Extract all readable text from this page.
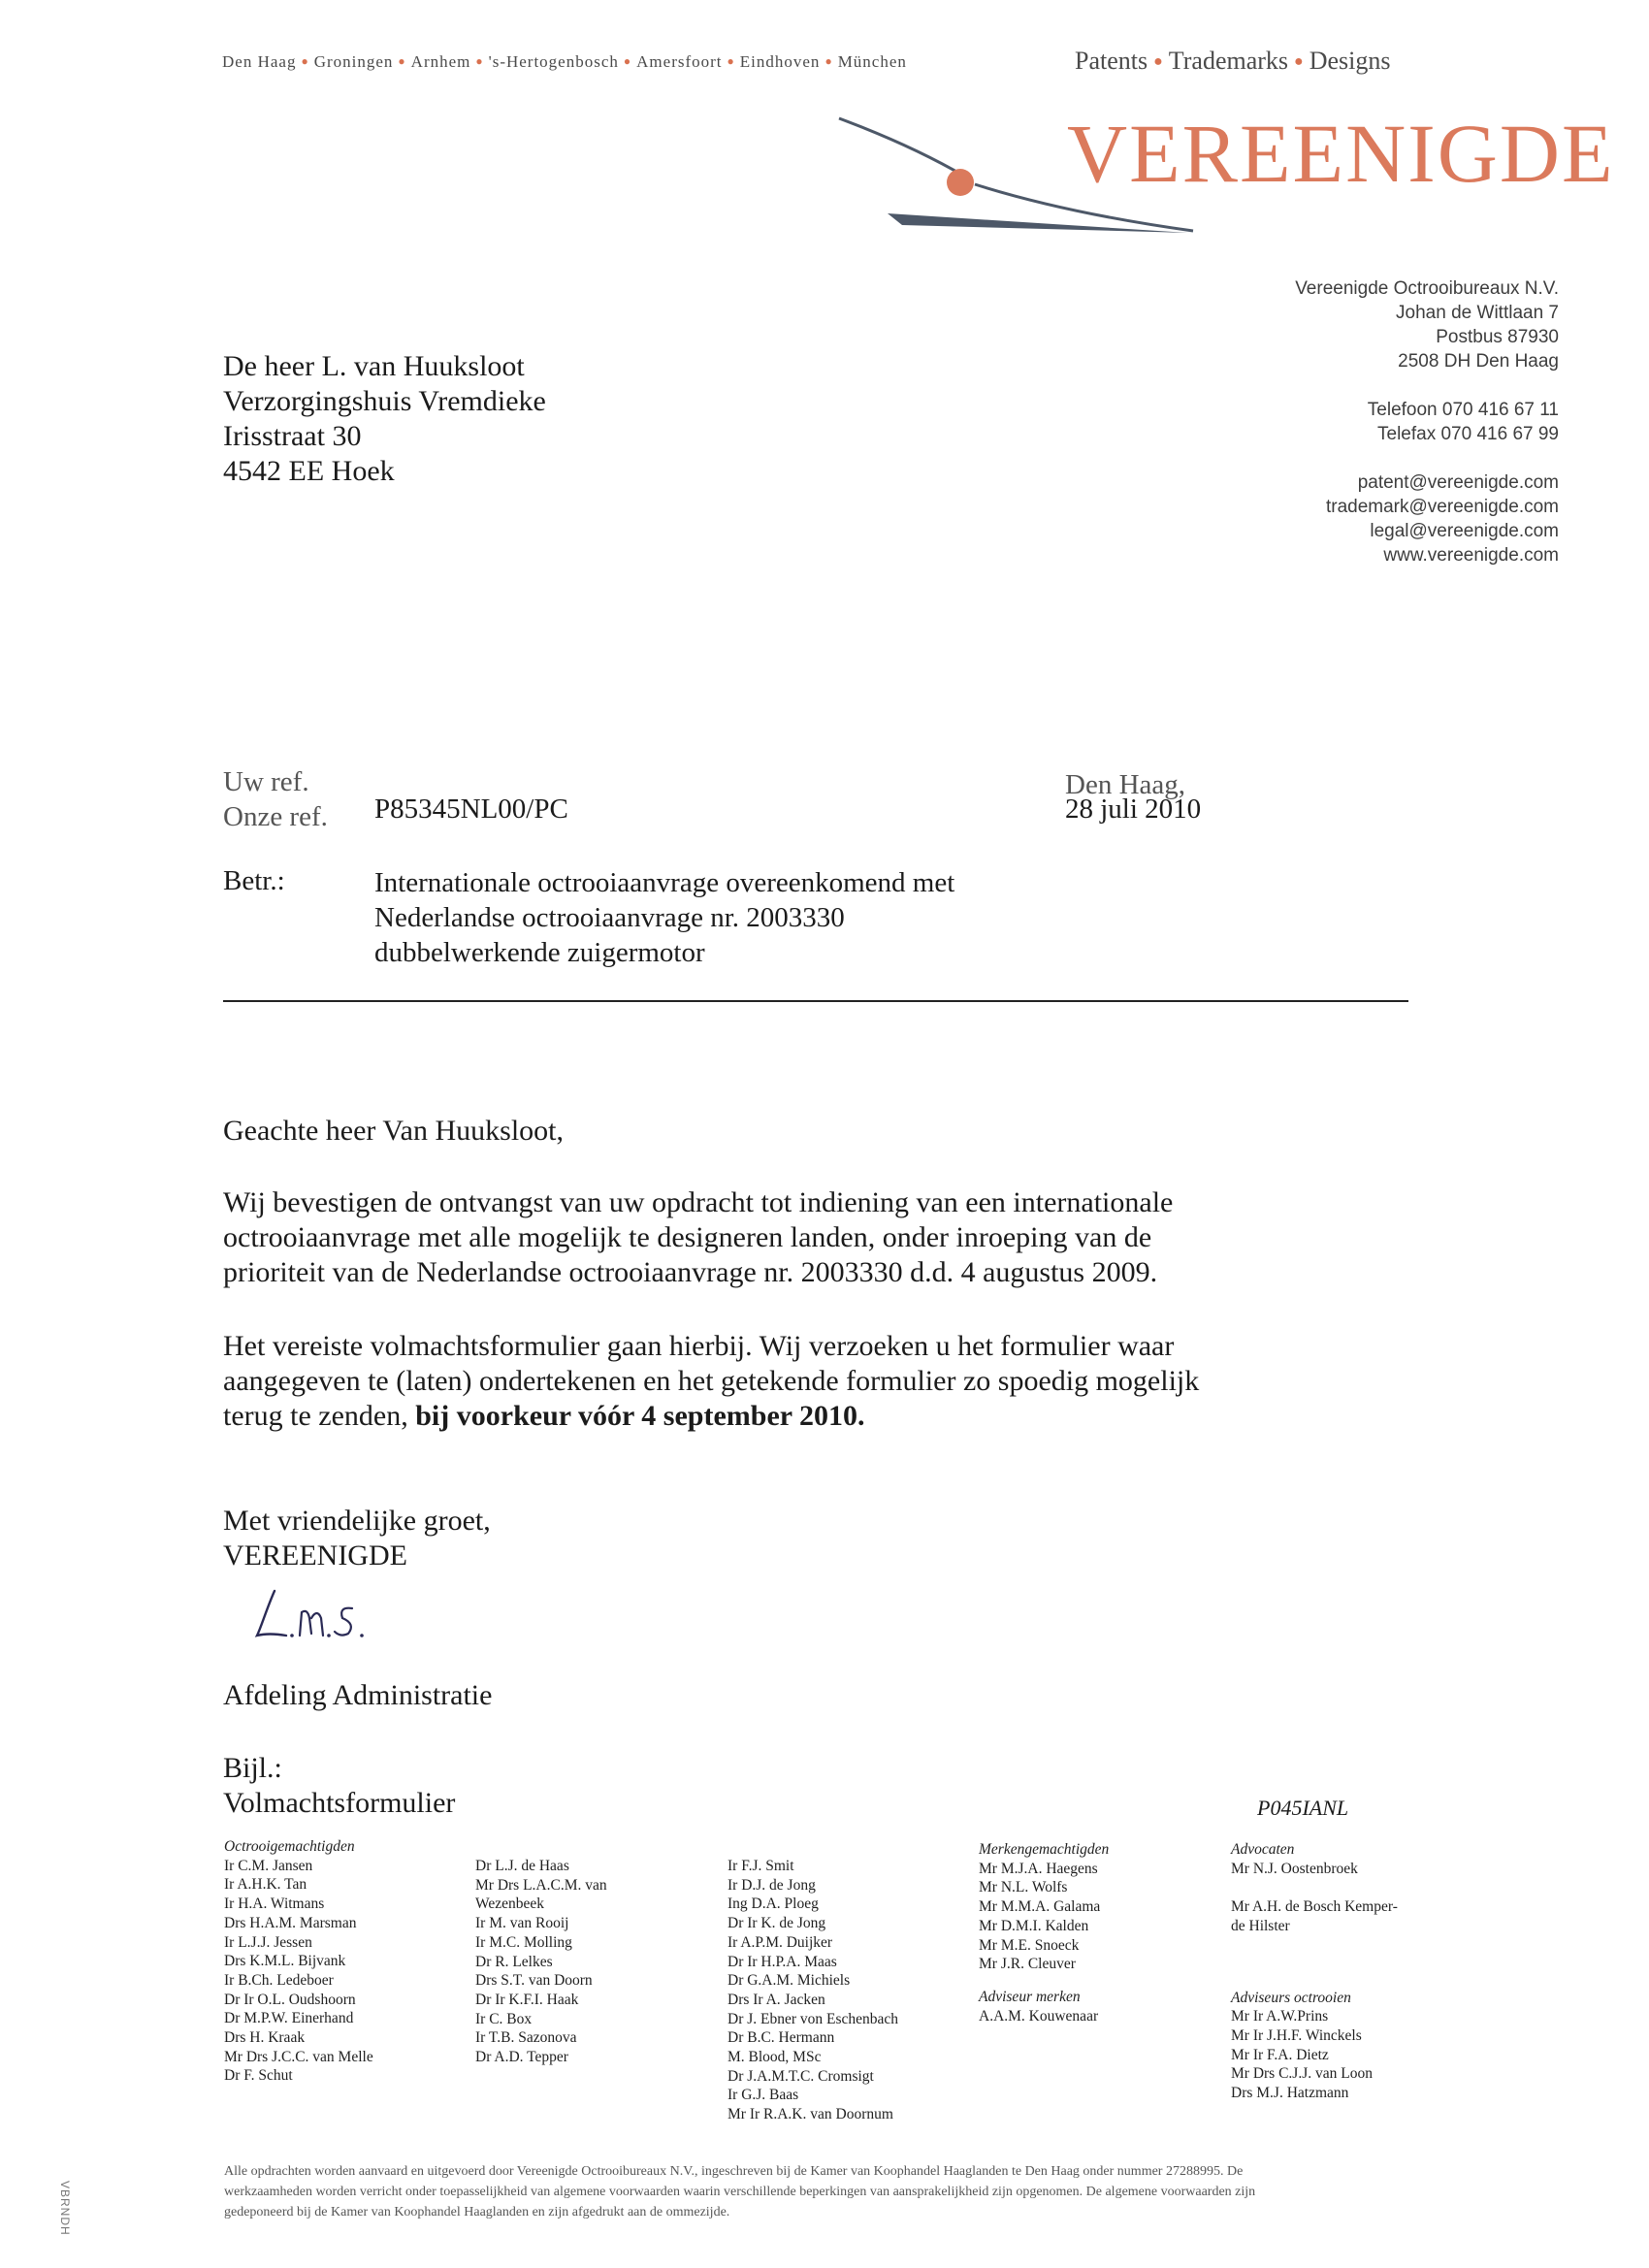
Den Haag ● Groningen ● Arnhem ● 's-Hertogenbosch ● Amersfoort ● Eindhoven ● München	Patents ● Trademarks ● Designs
VEREENIGDE
Vereenigde Octrooibureaux N.V.
Johan de Wittlaan 7
Postbus 87930
2508 DH Den Haag
Telefoon 070 416 67 11
Telefax 070 416 67 99
patent@vereenigde.com
trademark@vereenigde.com
legal@vereenigde.com
www.vereenigde.com
De heer L. van Huuksloot
Verzorgingshuis Vremdieke
Irisstraat 30
4542 EE Hoek
Uw ref.
Onze ref. P85345NL00/PC
Den Haag,
28 juli 2010
Betr.:	Internationale octrooiaanvrage overeenkomend met
Nederlandse octrooiaanvrage nr. 2003330
dubbelwerkende zuigermotor
Geachte heer Van Huuksloot,
Wij bevestigen de ontvangst van uw opdracht tot indiening van een internationale
octrooiaanvrage met alle mogelijk te designeren landen, onder inroeping van de
prioriteit van de Nederlandse octrooiaanvrage nr. 2003330 d.d. 4 augustus 2009.
Het vereiste volmachtsformulier gaan hierbij. Wij verzoeken u het formulier waar
aangegeven te (laten) ondertekenen en het getekende formulier zo spoedig mogelijk
terug te zenden, bij voorkeur vóór 4 september 2010.
Met vriendelijke groet,
VEREENIGDE
Afdeling Administratie
Bijl.:
Volmachtsformulier	P045IANL
Octrooigemachtigden
Ir C.M. Jansen
Ir A.H.K. Tan
Ir H.A. Witmans
Drs H.A.M. Marsman
Ir L.J.J. Jessen
Drs K.M.L. Bijvank
Ir B.Ch. Ledeboer
Dr Ir O.L. Oudshoorn
Dr M.P.W. Einerhand
Drs H. Kraak
Mr Drs J.C.C. van Melle
Dr F. Schut
Dr L.J. de Haas
Mr Drs L.A.C.M. van
Wezenbeek
Ir M. van Rooij
Ir M.C. Molling
Dr R. Lelkes
Drs S.T. van Doorn
Dr Ir K.F.I. Haak
Ir C. Box
Ir T.B. Sazonova
Dr A.D. Tepper
Ir F.J. Smit
Ir D.J. de Jong
Ing D.A. Ploeg
Dr Ir K. de Jong
Ir A.P.M. Duijker
Dr Ir H.P.A. Maas
Dr G.A.M. Michiels
Drs Ir A. Jacken
Dr J. Ebner von Eschenbach
Dr B.C. Hermann
M. Blood, MSc
Dr J.A.M.T.C. Cromsigt
Ir G.J. Baas
Mr Ir R.A.K. van Doornum
Merkengemachtigden
Mr M.J.A. Haegens
Mr N.L. Wolfs
Mr M.M.A. Galama
Mr D.M.I. Kalden
Mr M.E. Snoeck
Mr J.R. Cleuver
Adviseur merken
A.A.M. Kouwenaar
Advocaten
Mr N.J. Oostenbroek
Mr A.H. de Bosch Kemper-
de Hilster
Adviseurs octrooien
Mr Ir A.W.Prins
Mr Ir J.H.F. Winckels
Mr Ir F.A. Dietz
Mr Drs C.J.J. van Loon
Drs M.J. Hatzmann
Alle opdrachten worden aanvaard en uitgevoerd door Vereenigde Octrooibureaux N.V., ingeschreven bij de Kamer van Koophandel Haaglanden te Den Haag onder nummer 27288995. De
werkzaamheden worden verricht onder toepasselijkheid van algemene voorwaarden waarin verschillende beperkingen van aansprakelijkheid zijn opgenomen. De algemene voorwaarden zijn
gedeponeerd bij de Kamer van Koophandel Haaglanden en zijn afgedrukt aan de ommezijde.
VBRNDH
